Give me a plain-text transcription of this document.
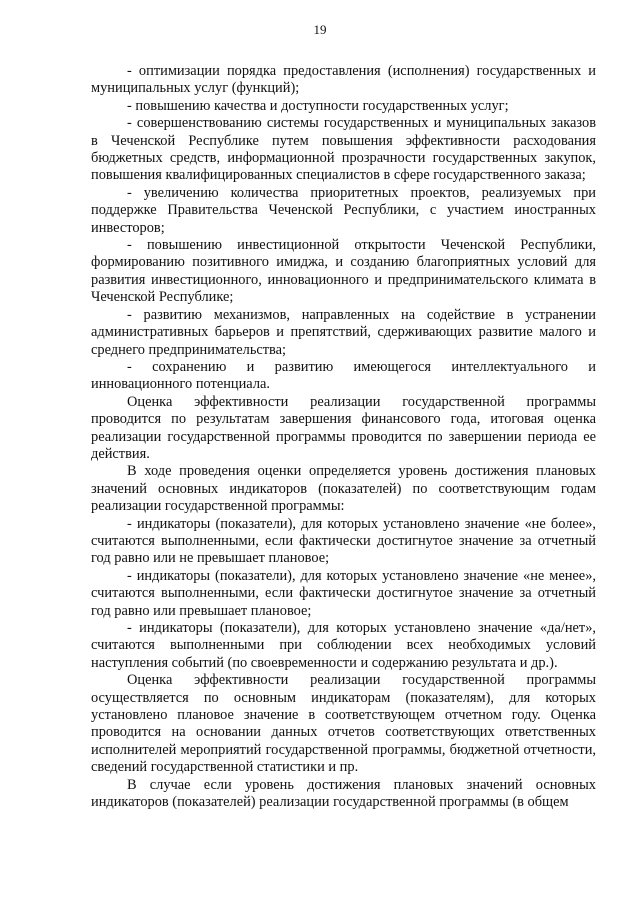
19

- оптимизации порядка предоставления (исполнения) государственных и муниципальных услуг (функций);

- повышению качества и доступности государственных услуг;

- совершенствованию системы государственных и муниципальных заказов в Чеченской Республике путем повышения эффективности расходования бюджетных средств, информационной прозрачности государственных закупок, повышения квалифицированных специалистов в сфере государственного заказа;

- увеличению количества приоритетных проектов, реализуемых при поддержке Правительства Чеченской Республики, с участием иностранных инвесторов;

- повышению инвестиционной открытости Чеченской Республики, формированию позитивного имиджа, и созданию благоприятных условий для развития инвестиционного, инновационного и предпринимательского климата в Чеченской Республике;

- развитию механизмов, направленных на содействие в устранении административных барьеров и препятствий, сдерживающих развитие малого и среднего предпринимательства;

- сохранению и развитию имеющегося интеллектуального и инновационного потенциала.

Оценка эффективности реализации государственной программы проводится по результатам завершения финансового года, итоговая оценка реализации государственной программы проводится по завершении периода ее действия.

В ходе проведения оценки определяется уровень достижения плановых значений основных индикаторов (показателей) по соответствующим годам реализации государственной программы:

- индикаторы (показатели), для которых установлено значение «не более», считаются выполненными, если фактически достигнутое значение за отчетный год равно или не превышает плановое;

- индикаторы (показатели), для которых установлено значение «не менее», считаются выполненными, если фактически достигнутое значение за отчетный год равно или превышает плановое;

- индикаторы (показатели), для которых установлено значение «да/нет», считаются выполненными при соблюдении всех необходимых условий наступления событий (по своевременности и содержанию результата и др.).

Оценка эффективности реализации государственной программы осуществляется по основным индикаторам (показателям), для которых установлено плановое значение в соответствующем отчетном году. Оценка проводится на основании данных отчетов соответствующих ответственных исполнителей мероприятий государственной программы, бюджетной отчетности, сведений государственной статистики и пр.

В случае если уровень достижения плановых значений основных индикаторов (показателей) реализации государственной программы (в общем
